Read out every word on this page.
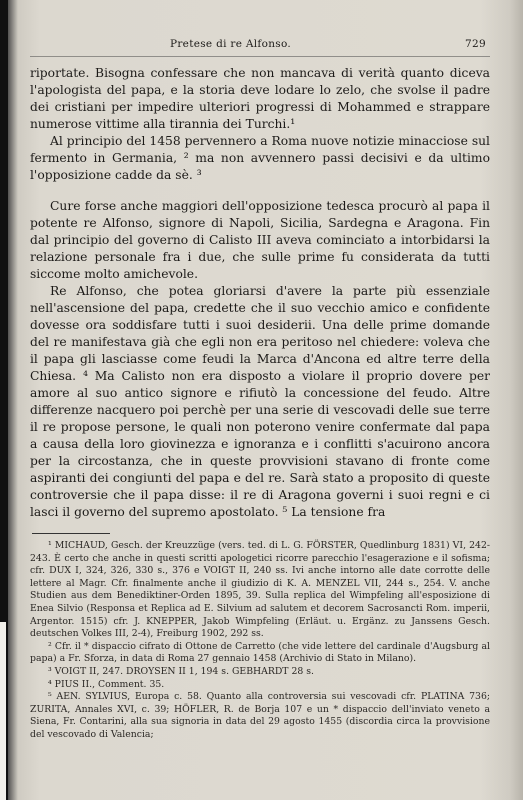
Pretese di re Alfonso.	729

riportate. Bisogna confessare che non mancava di verità quanto diceva l'apologista del papa, e la storia deve lodare lo zelo, che svolse il padre dei cristiani per impedire ulteriori progressi di Mohammed e strappare numerose vittime alla tirannia dei Turchi.¹

Al principio del 1458 pervennero a Roma nuove notizie minacciose sul fermento in Germania, ² ma non avvennero passi decisivi e da ultimo l'opposizione cadde da sè. ³

Cure forse anche maggiori dell'opposizione tedesca procurò al papa il potente re Alfonso, signore di Napoli, Sicilia, Sardegna e Aragona. Fin dal principio del governo di Calisto III aveva cominciato a intorbidarsi la relazione personale fra i due, che sulle prime fu considerata da tutti siccome molto amichevole.

Re Alfonso, che potea gloriarsi d'avere la parte più essenziale nell'ascensione del papa, credette che il suo vecchio amico e confidente dovesse ora soddisfare tutti i suoi desiderii. Una delle prime domande del re manifestava già che egli non era peritoso nel chiedere: voleva che il papa gli lasciasse come feudi la Marca d'Ancona ed altre terre della Chiesa. ⁴ Ma Calisto non era disposto a violare il proprio dovere per amore al suo antico signore e rifiutò la concessione del feudo. Altre differenze nacquero poi perchè per una serie di vescovadi delle sue terre il re propose persone, le quali non poterono venire confermate dal papa a causa della loro giovinezza e ignoranza e i conflitti s'acuirono ancora per la circostanza, che in queste provvisioni stavano di fronte come aspiranti dei congiunti del papa e del re. Sarà stato a proposito di queste controversie che il papa disse: il re di Aragona governi i suoi regni e ci lasci il governo del supremo apostolato. ⁵ La tensione fra

¹ MICHAUD, Gesch. der Kreuzzüge (vers. ted. di L. G. FÖRSTER, Quedlinburg 1831) VI, 242-243. È certo che anche in questi scritti apologetici ricorre parecchio l'esagerazione e il sofisma; cfr. DUX I, 324, 326, 330 s., 376 e VOIGT II, 240 ss. Ivi anche intorno alle date corrotte delle lettere al Magr. Cfr. finalmente anche il giudizio di K. A. MENZEL VII, 244 s., 254. V. anche Studien aus dem Benediktiner-Orden 1895, 39. Sulla replica del Wimpfeling all'esposizione di Enea Silvio (Responsa et Replica ad E. Silvium ad salutem et decorem Sacrosancti Rom. imperii, Argentor. 1515) cfr. J. KNEPPER, Jakob Wimpfeling (Erläut. u. Ergänz. zu Janssens Gesch. deutschen Volkes III, 2-4), Freiburg 1902, 292 ss.

² Cfr. il * dispaccio cifrato di Ottone de Carretto (che vide lettere del cardinale d'Augsburg al papa) a Fr. Sforza, in data di Roma 27 gennaio 1458 (Archivio di Stato in Milano).

³ VOIGT II, 247. DROYSEN II 1, 194 s. GEBHARDT 28 s.

⁴ PIUS II., Comment. 35.

⁵ AEN. SYLVIUS, Europa c. 58. Quanto alla controversia sui vescovadi cfr. PLATINA 736; ZURITA, Annales XVI, c. 39; HÖFLER, R. de Borja 107 e un * dispaccio dell'inviato veneto a Siena, Fr. Contarini, alla sua signoria in data del 29 agosto 1455 (discordia circa la provvisione del vescovado di Valencia;
